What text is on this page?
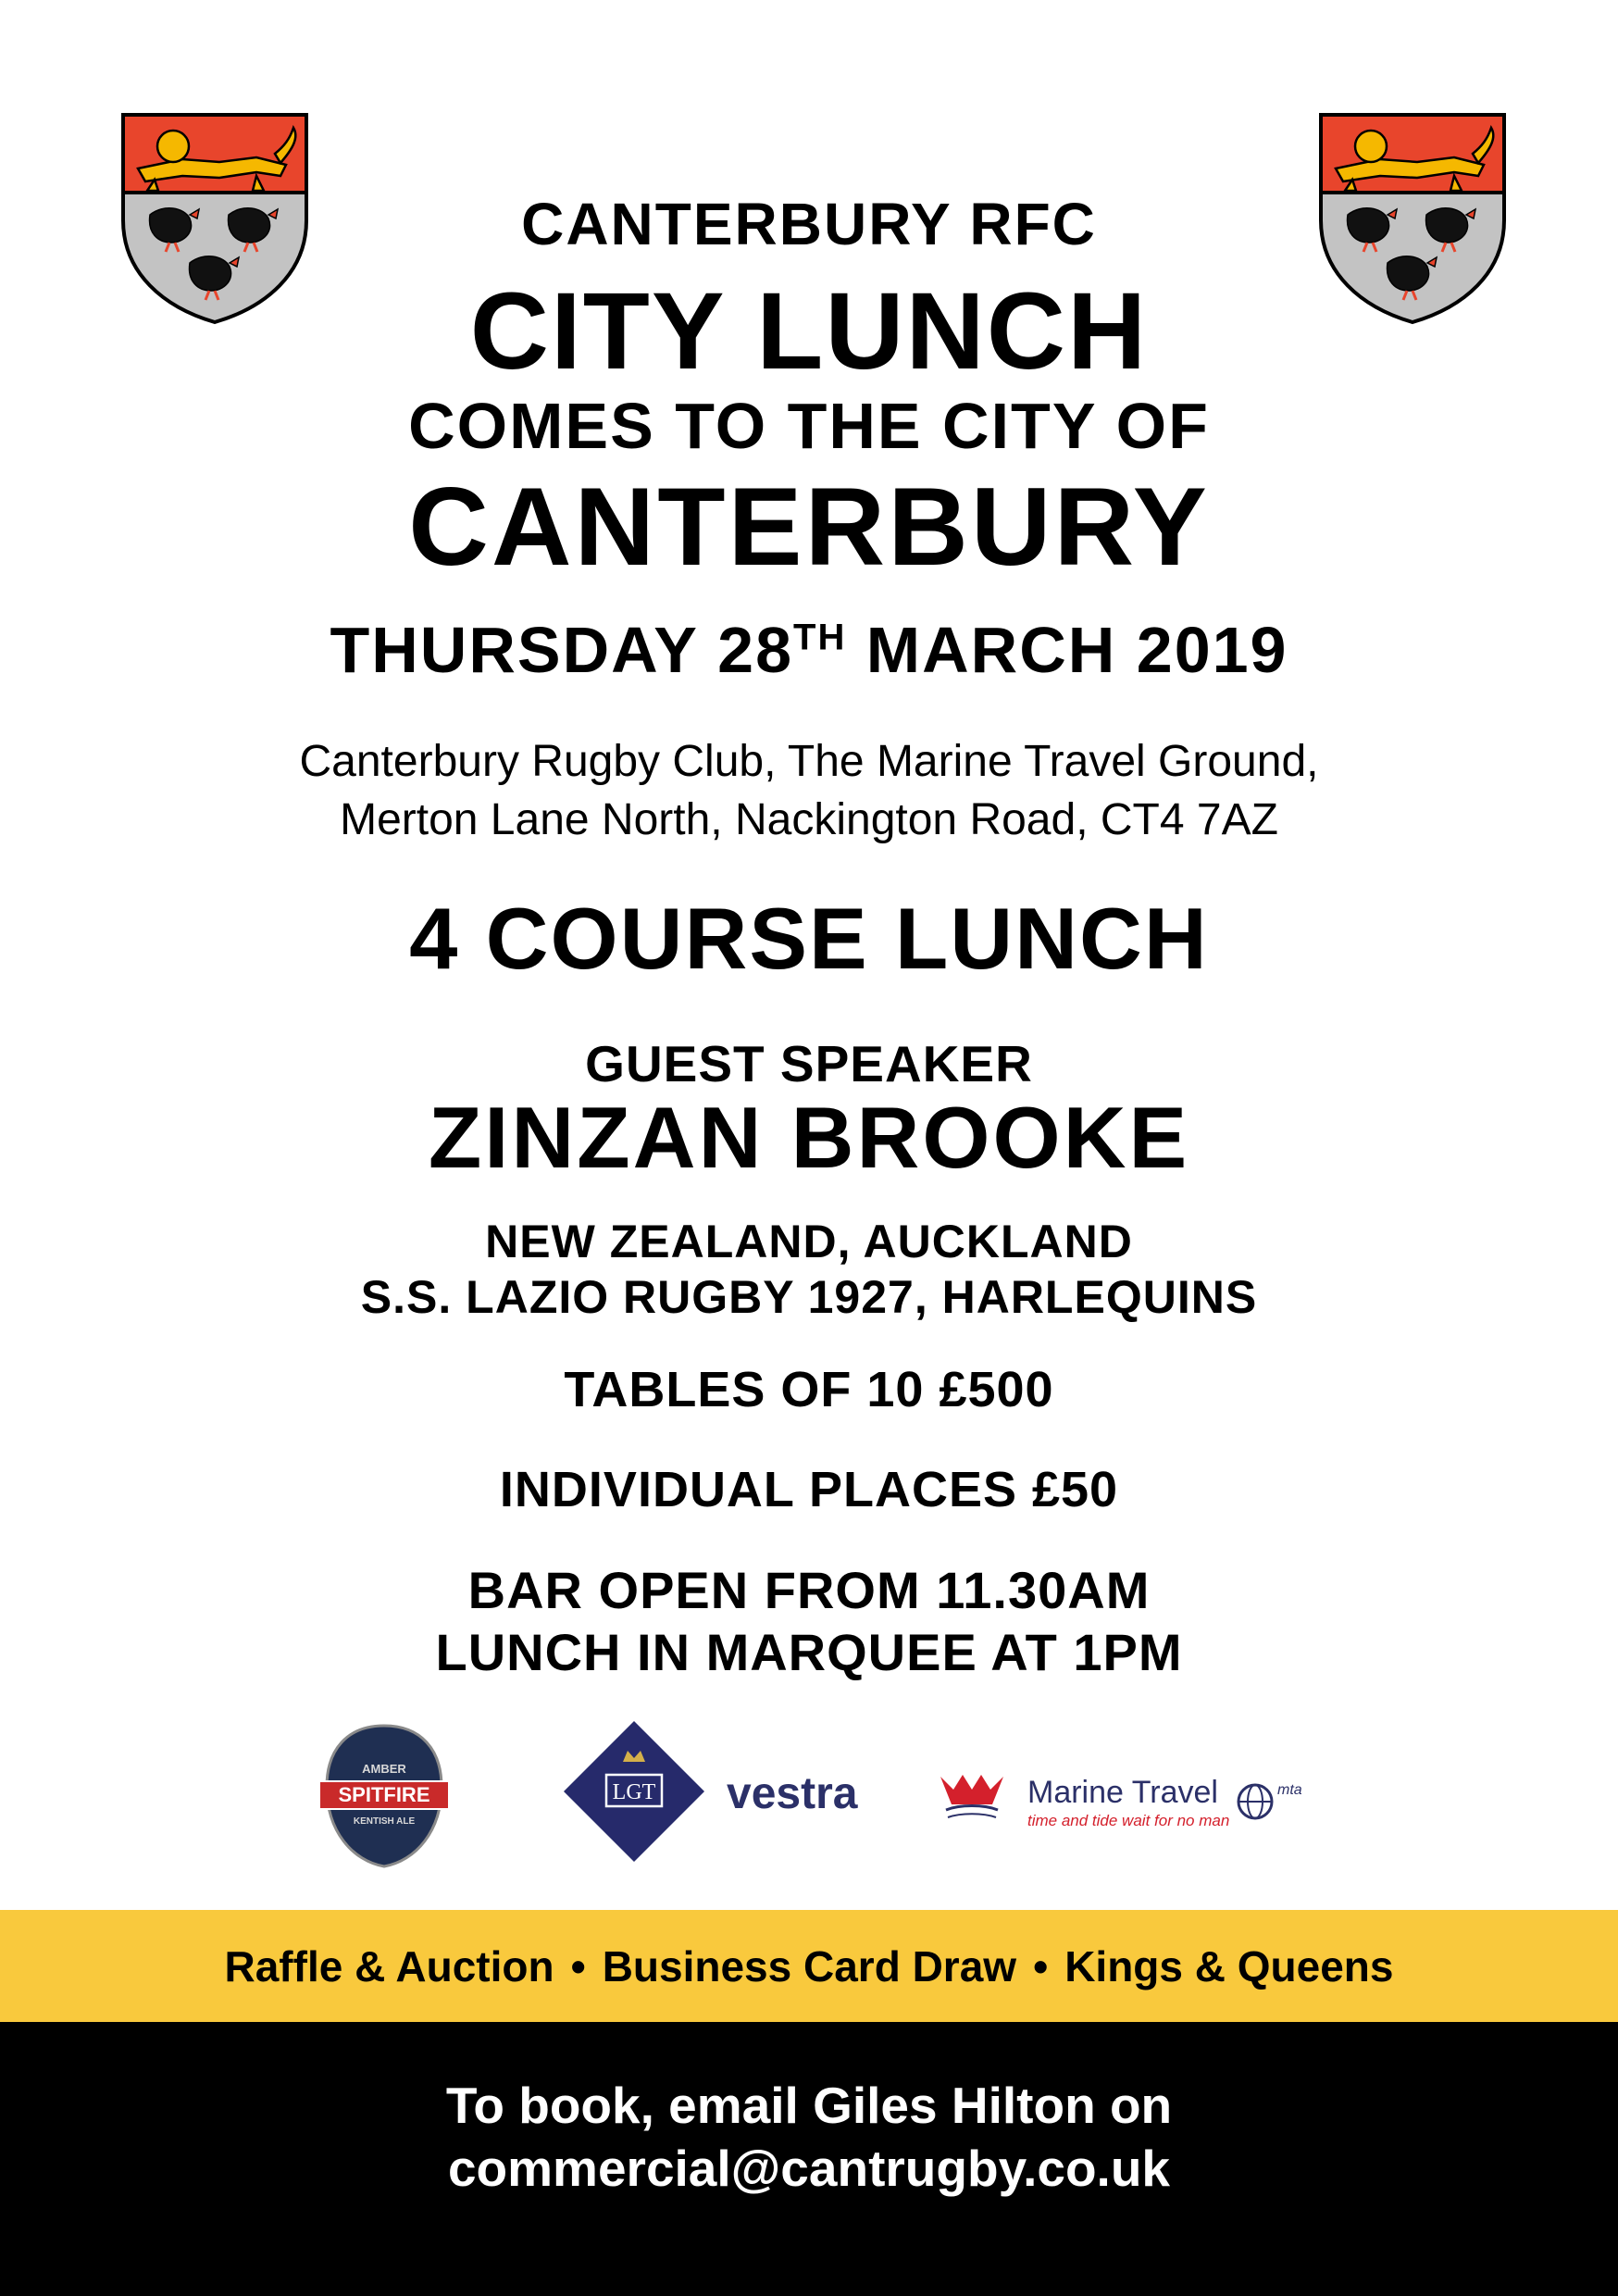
CANTERBURY RFC
CITY LUNCH
COMES TO THE CITY OF
CANTERBURY
THURSDAY 28TH MARCH 2019
Canterbury Rugby Club, The Marine Travel Ground,
Merton Lane North, Nackington Road, CT4 7AZ
4 COURSE LUNCH
GUEST SPEAKER
ZINZAN BROOKE
NEW ZEALAND, AUCKLAND
S.S. LAZIO RUGBY 1927, HARLEQUINS
TABLES OF 10 £500
INDIVIDUAL PLACES £50
BAR OPEN FROM 11.30AM
LUNCH IN MARQUEE AT 1PM
AMBER
SPITFIRE
KENTISH ALE
LGT vestra	Marine Travel
time and tide wait for no man
mta
Raffle & Auction • Business Card Draw • Kings & Queens
To book, email Giles Hilton on
commercial@cantrugby.co.uk
